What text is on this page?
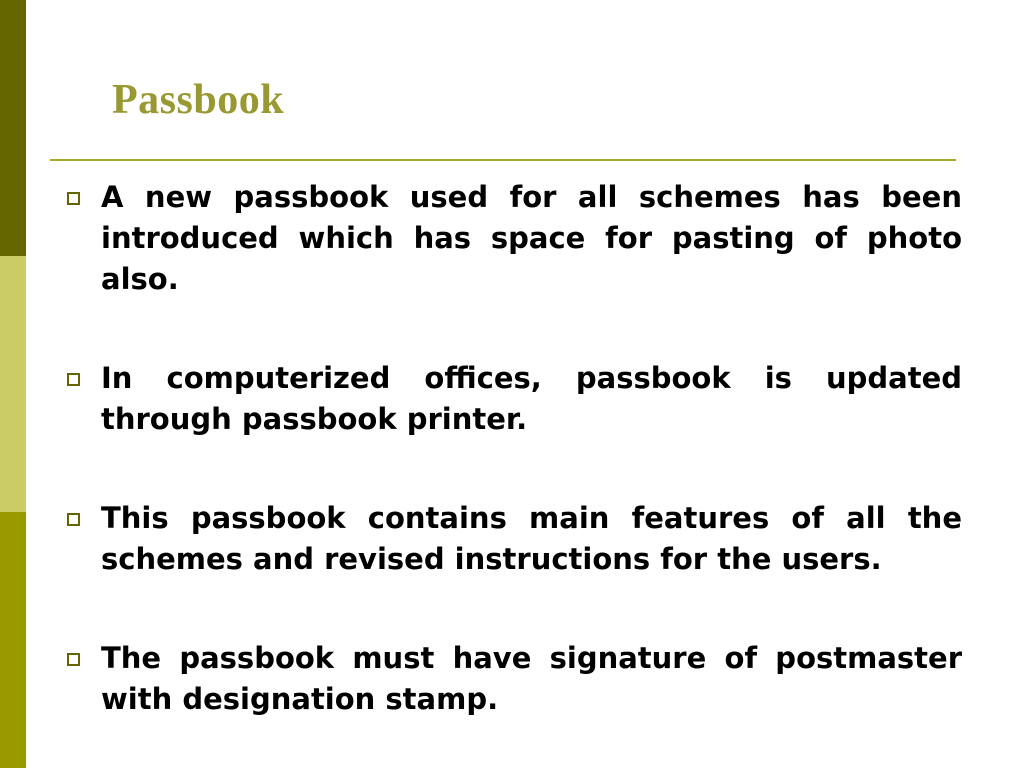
Passbook
A new passbook used for all schemes has been introduced which has space for pasting of photo also.
In computerized offices, passbook is updated through passbook printer.
This passbook contains main features of all the schemes and revised instructions for the users.
The passbook must have signature of postmaster with designation stamp.
